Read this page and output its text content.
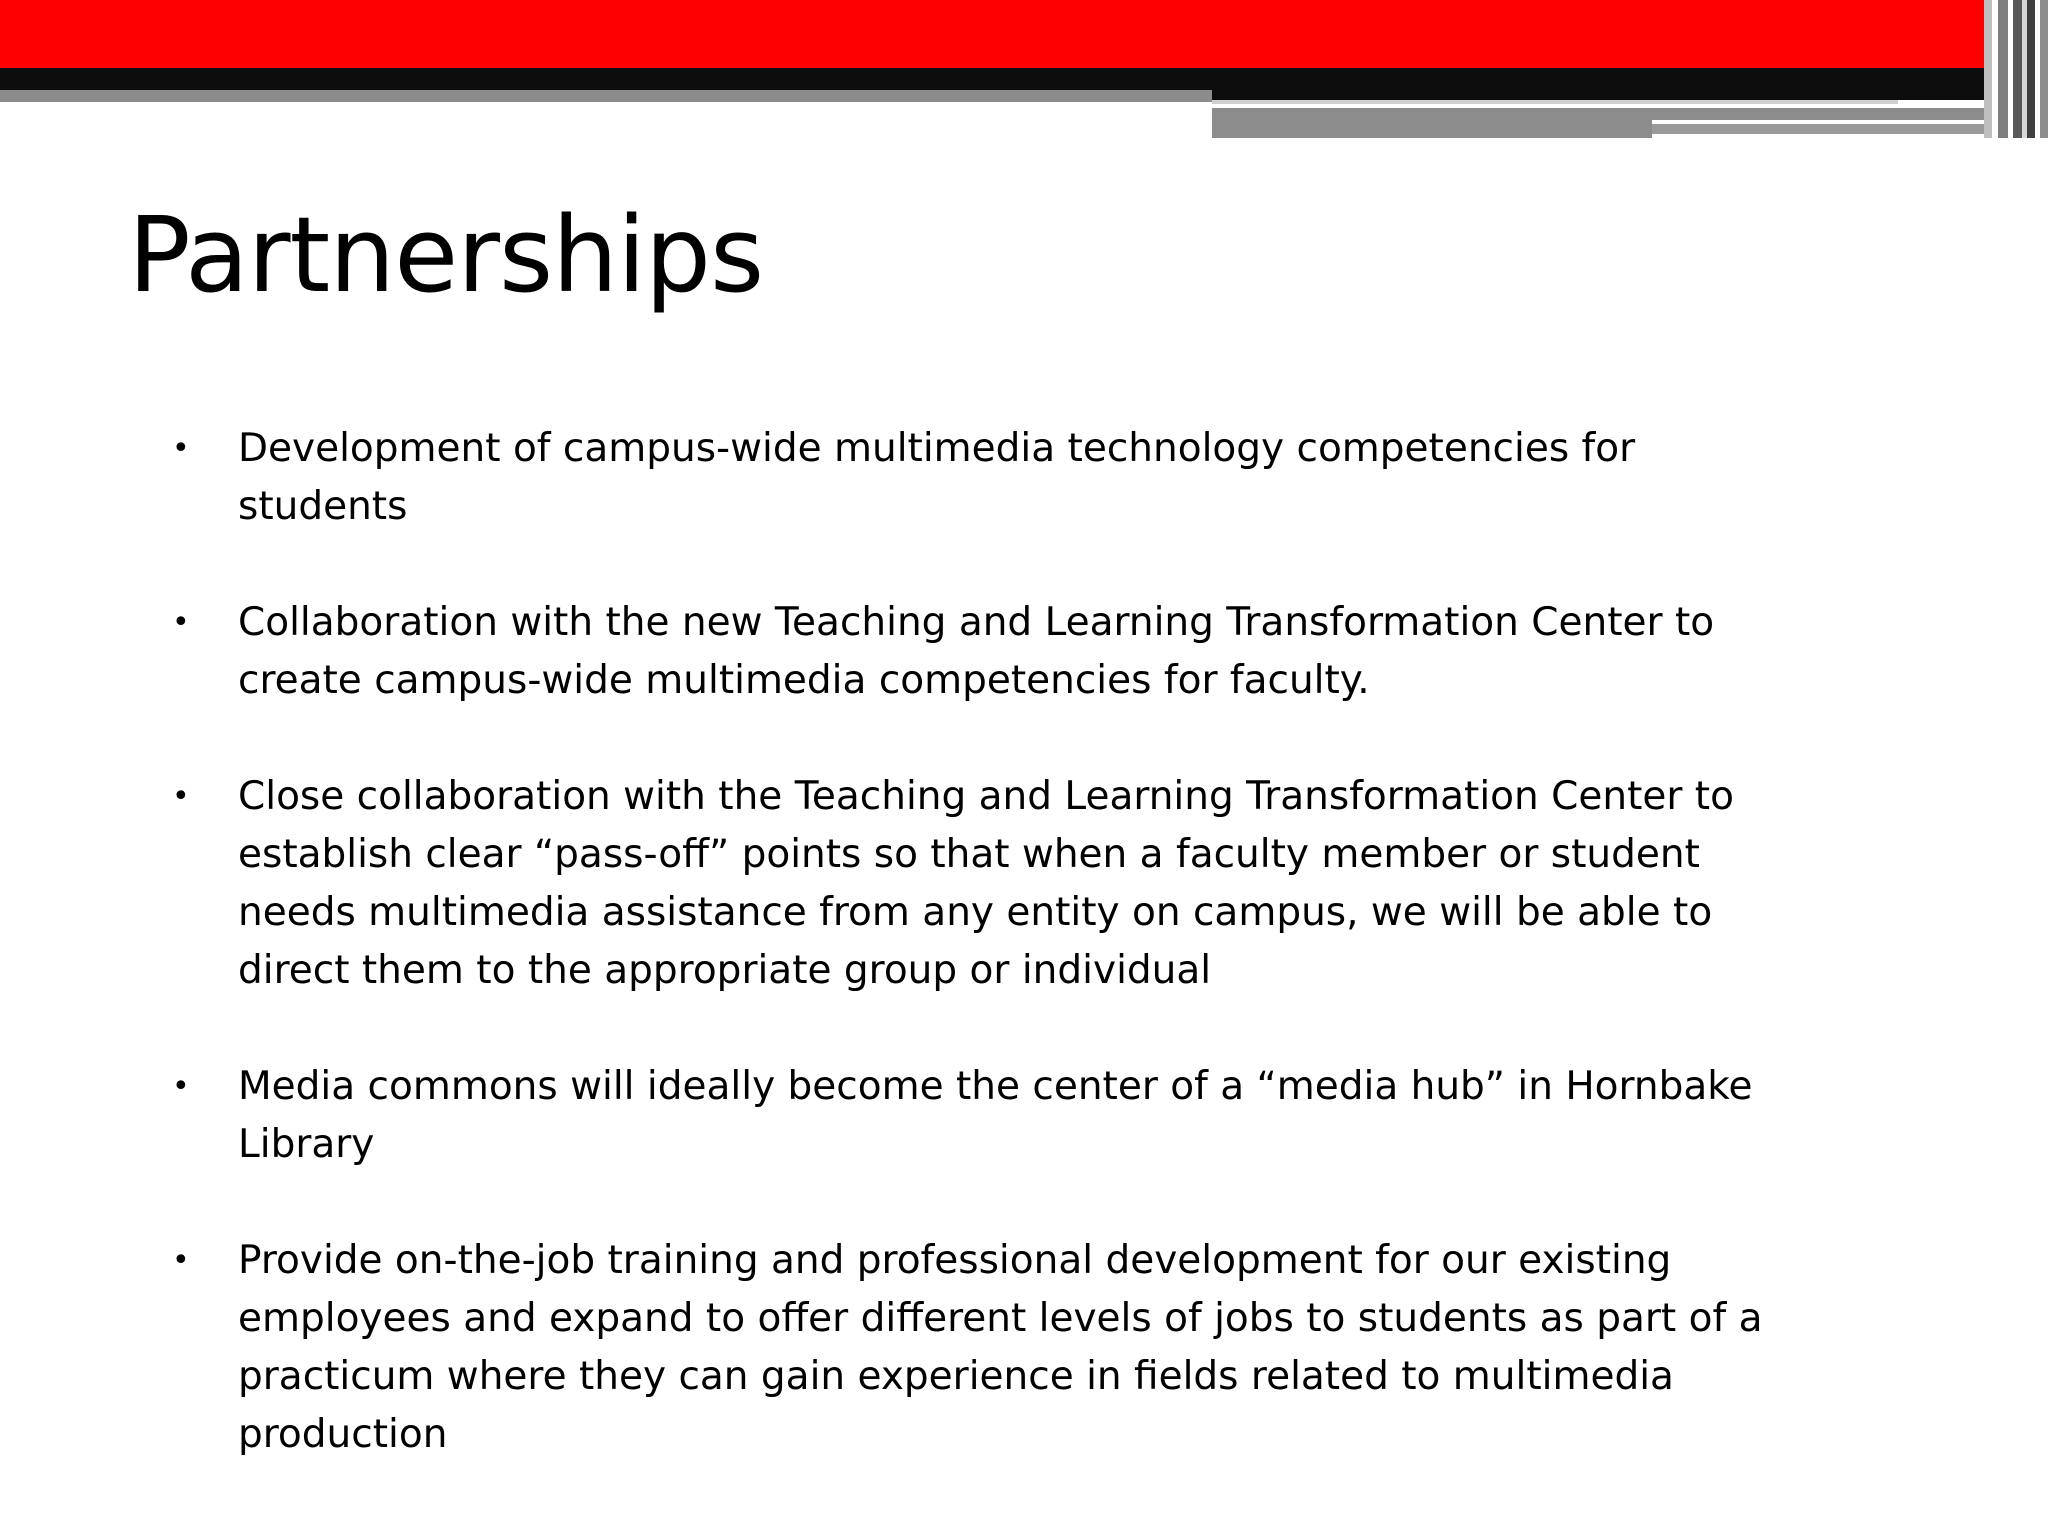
Partnerships
• Development of campus-wide multimedia technology competencies for students
• Collaboration with the new Teaching and Learning Transformation Center to create campus-wide multimedia competencies for faculty.
• Close collaboration with the Teaching and Learning Transformation Center to establish clear “pass-off” points so that when a faculty member or student needs multimedia assistance from any entity on campus, we will be able to direct them to the appropriate group or individual
• Media commons will ideally become the center of a “media hub” in Hornbake Library
• Provide on-the-job training and professional development for our existing employees and expand to offer different levels of jobs to students as part of a practicum where they can gain experience in fields related to multimedia production
